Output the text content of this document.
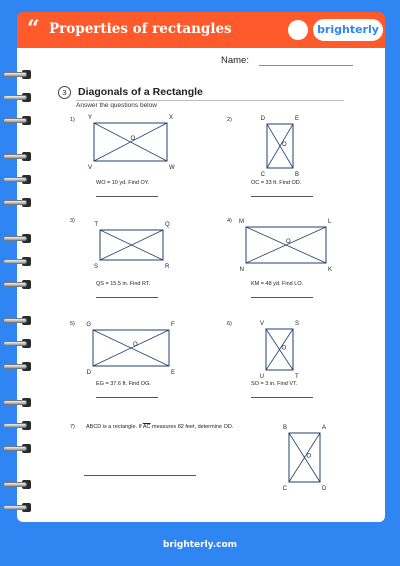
“ Properties of rectangles	brighterly
Name:
3	Diagonals of a Rectangle
Answer the questions below
1)	2)
3)	4)
5)	6)
7)
WO = 10 yd. Find OY.	OC = 33 ft. Find OD.
QS = 15.5 in. Find RT.	KM = 48 yd. Find LO.
EG = 37.6 ft. Find OG.	SO = 3 in. Find VT.
ABCD is a rectangle. If $\overline{AC}$ measures 82 feet, determine OD.
Y	X
V	W
O
D	E
C	B
O
T	Q
S	R
M	L
N	K
O
G	F
D	E
O
V	S
U	T
O
B	A
C	D
O
brighterly.com
